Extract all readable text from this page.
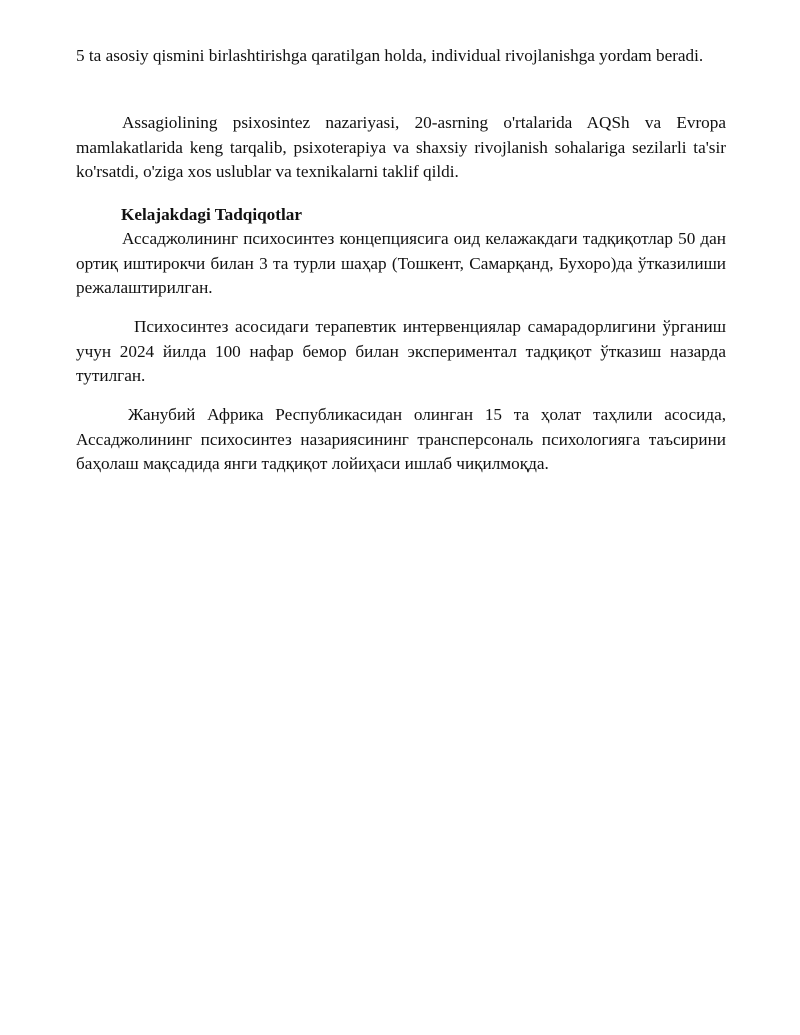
5 ta asosiy qismini birlashtirishga qaratilgan holda, individual rivojlanishga yordam beradi.

Assagiolining psixosintez nazariyasi, 20-asrning o'rtalarida AQSh va Evropa mamlakatlarida keng tarqalib, psixoterapiya va shaxsiy rivojlanish sohalariga sezilarli ta'sir ko'rsatdi, o'ziga xos uslublar va texnikalarni taklif qildi.

Kelajakdagi Tadqiqotlar

Ассаджолининг психосинтез концепциясига оид келажакдаги тадқиқотлар 50 дан ортиқ иштирокчи билан 3 та турли шаҳар (Тошкент, Самарқанд, Бухоро)да ўтказилиши режалаштирилган.

Психосинтез асосидаги терапевтик интервенциялар самарадорлигини ўрганиш учун 2024 йилда 100 нафар бемор билан экспериментал тадқиқот ўтказиш назарда тутилган.

Жанубий Африка Республикасидан олинган 15 та ҳолат таҳлили асосида, Ассаджолининг психосинтез назариясининг трансперсональ психологияга таъсирини баҳолаш мақсадида янги тадқиқот лойиҳаси ишлаб чиқилмоқда.
